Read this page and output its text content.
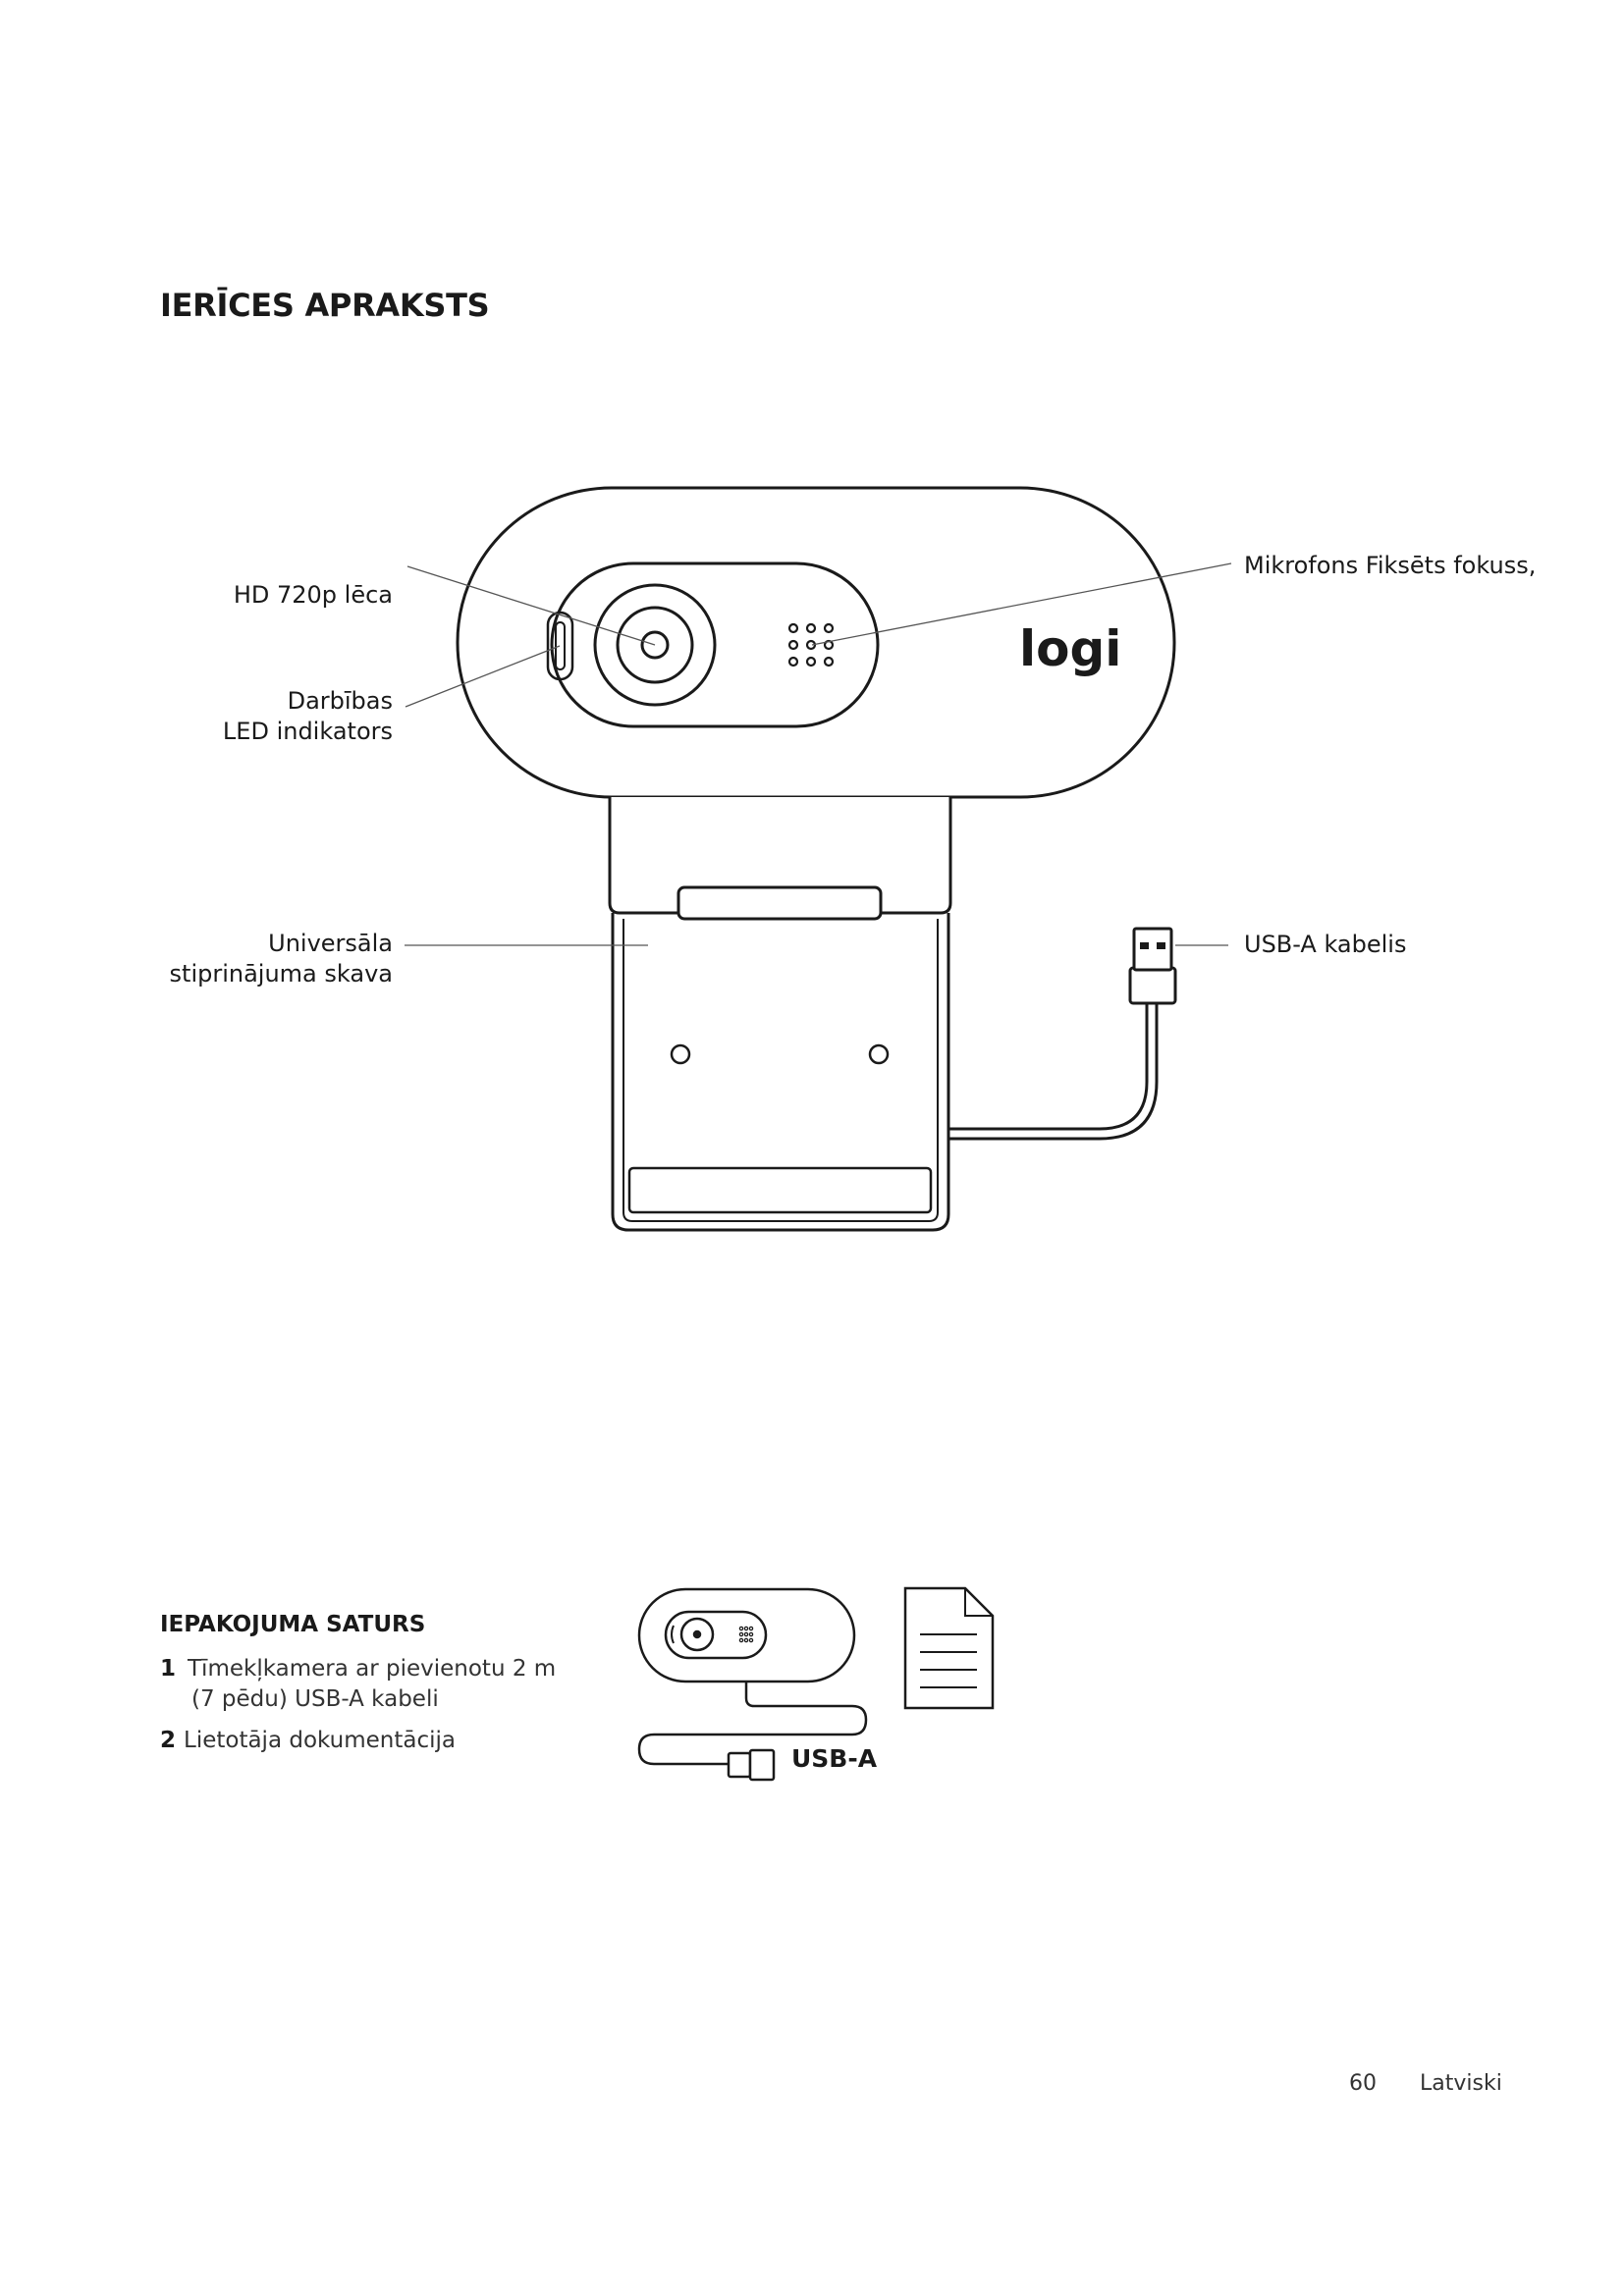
logi
IERĪCES APRAKSTS
HD 720p lēca
Darbības
LED indikators
Universāla
stiprinājuma skava
Mikrofons Fiksēts fokuss,
USB-A kabelis
IEPAKOJUMA SATURS
1 Tīmekļkamera ar pievienotu 2 m
(7 pēdu) USB-A kabeli
2 Lietotāja dokumentācija
USB-A
60 Latviski
